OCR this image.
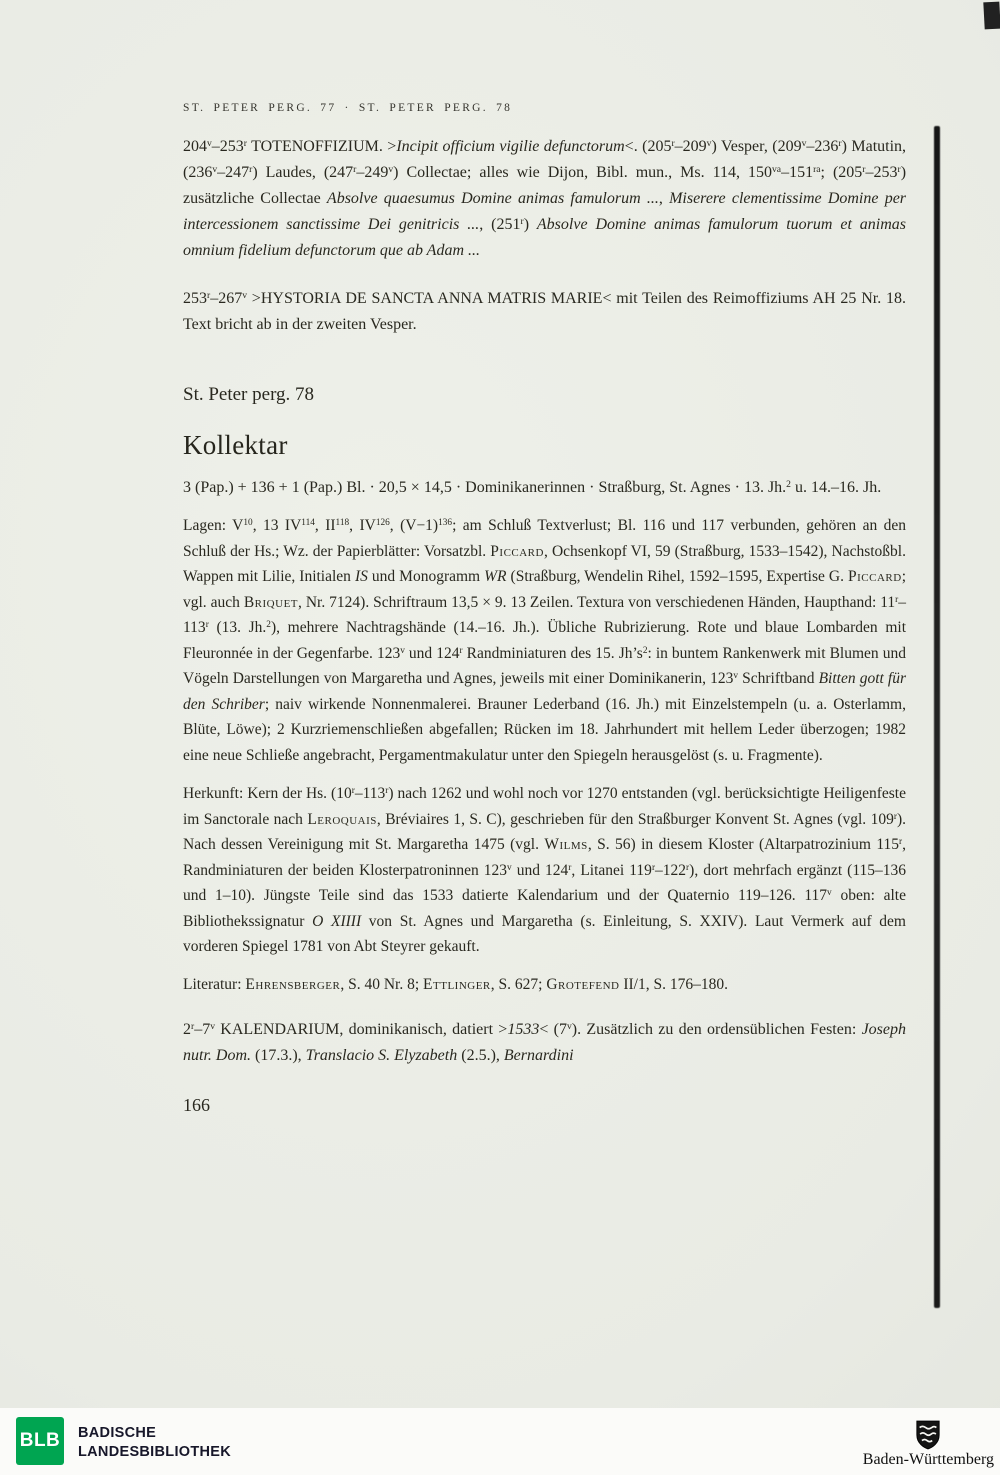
ST. PETER PERG. 77 · ST. PETER PERG. 78

204$^v$–253$^r$ TOTENOFFIZIUM. >Incipit officium vigilie defunctorum<. (205$^r$–209$^v$) Vesper, (209$^v$–236$^r$) Matutin, (236$^v$–247$^r$) Laudes, (247$^r$–249$^v$) Collectae; alles wie Dijon, Bibl. mun., Ms. 114, $150^{va}-151^{ra}$; (205$^r$–253$^r$) zusätzliche Collectae Absolve quaesumus Domine animas famulorum ..., Miserere clementissime Domine per intercessionem sanctissime Dei genitricis ..., (251$^r$) Absolve Domine animas famulorum tuorum et animas omnium fidelium defunctorum que ab Adam ...

$253^r-267^v$ >HYSTORIA DE SANCTA ANNA MATRIS MARIE< mit Teilen des Reimoffiziums AH 25 Nr. 18. Text bricht ab in der zweiten Vesper.

St. Peter perg. 78
Kollektar

3 (Pap.) + 136 + 1 (Pap.) Bl. · 20,5 × 14,5 · Dominikanerinnen · Straßburg, St. Agnes · 13. Jh.$^2$ u. 14.–16. Jh.

Lagen: $V^{10}$, 13 IV$^{114}$, II$^{118}$, IV$^{126}$, $(V-1)^{136}$; am Schluß Textverlust; Bl. 116 und 117 verbunden, gehören an den Schluß der Hs.; Wz. der Papierblätter: Vorsatzbl. Piccard, Ochsenkopf VI, 59 (Straßburg, 1533–1542), Nachstoßbl. Wappen mit Lilie, Initialen IS und Monogramm WR (Straßburg, Wendelin Rihel, 1592–1595, Expertise G. Piccard; vgl. auch Briquet, Nr. 7124). Schriftraum 13,5 × 9. 13 Zeilen. Textura von verschiedenen Händen, Haupthand: 11$^r$–113$^r$ (13. Jh.$^2$), mehrere Nachtragshände (14.–16. Jh.). Übliche Rubrizierung. Rote und blaue Lombarden mit Fleuronnée in der Gegenfarbe. 123$^v$ und 124$^r$ Randminiaturen des 15. $Jh’s^2$: in buntem Rankenwerk mit Blumen und Vögeln Darstellungen von Margaretha und Agnes, jeweils mit einer Dominikanerin, 123$^v$ Schriftband Bitten gott für den Schriber; naiv wirkende Nonnenmalerei. Brauner Lederband (16. Jh.) mit Einzelstempeln (u. a. Osterlamm, Blüte, Löwe); 2 Kurzriemenschließen abgefallen; Rücken im 18. Jahrhundert mit hellem Leder überzogen; 1982 eine neue Schließe angebracht, Pergamentmakulatur unter den Spiegeln herausgelöst (s. u. Fragmente).

Herkunft: Kern der Hs. (10$^r$–113$^r$) nach 1262 und wohl noch vor 1270 entstanden (vgl. berücksichtigte Heiligenfeste im Sanctorale nach Leroquais, Bréviaires 1, S. C), geschrieben für den Straßburger Konvent St. Agnes (vgl. 109$^r$). Nach dessen Vereinigung mit St. Margaretha 1475 (vgl. Wilms, S. 56) in diesem Kloster (Altarpatrozinium 115$^r$, Randminiaturen der beiden Klosterpatroninnen 123$^v$ und 124$^r$, Litanei 119$^r$–122$^r$), dort mehrfach ergänzt (115–136 und 1–10). Jüngste Teile sind das 1533 datierte Kalendarium und der Quaternio 119–126. 117$^v$ oben: alte Bibliothekssignatur O XIIII von St. Agnes und Margaretha (s. Einleitung, S. XXIV). Laut Vermerk auf dem vorderen Spiegel 1781 von Abt Steyrer gekauft.

Literatur: Ehrensberger, S. 40 Nr. 8; Ettlinger, S. 627; Grotefend II/1, S. 176–180.

2$^r$–7$^v$ KALENDARIUM, dominikanisch, datiert $>1533< (7^v)$. Zusätzlich zu den ordensüblichen Festen: Joseph nutr. Dom. (17.3.), Translacio S. Elyzabeth (2.5.), Bernardini

166
BLB BADISCHE
LANDESBIBLIOTHEK	Baden-Württemberg
